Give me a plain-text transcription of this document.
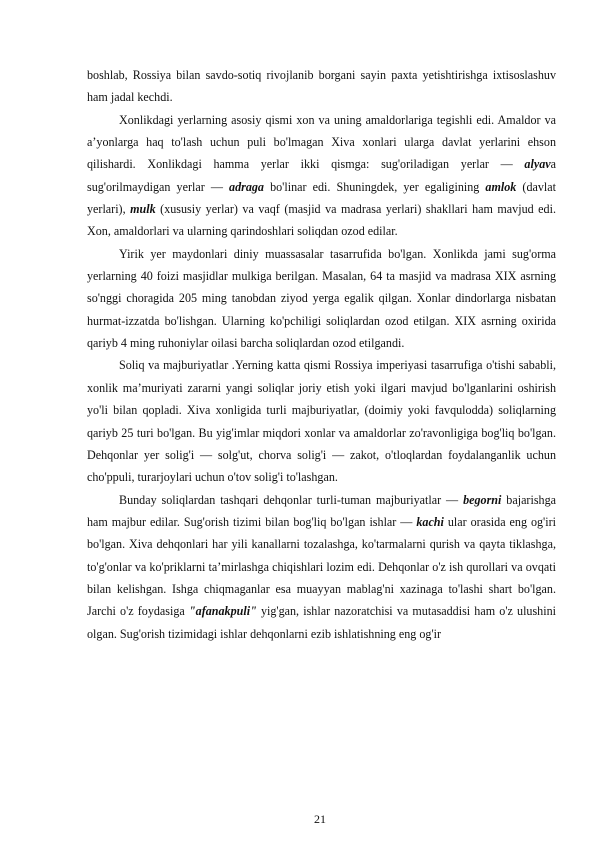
boshlab, Rossiya bilan savdo-sotiq rivojlanib borgani sayin paxta yetishtirishga ixtisoslashuv ham jadal kechdi.

Xonlikdagi yerlarning asosiy qismi xon va uning amaldorlariga tegishli edi. Amaldor va a’yonlarga haq to'lash uchun puli bo'lmagan Xiva xonlari ularga davlat yerlarini ehson qilishardi. Xonlikdagi hamma yerlar ikki qismga: sug'oriladigan yerlar — alyava sug'orilmaydigan yerlar — adraga bo'linar edi. Shuningdek, yer egaligining amlok (davlat yerlari), mulk (xususiy yerlar) va vaqf (masjid va madrasa yerlari) shakllari ham mavjud edi. Xon, amaldorlari va ularning qarindoshlari soliqdan ozod edilar.

Yirik yer maydonlari diniy muassasalar tasarrufida bo'lgan. Xonlikda jami sug'orma yerlarning 40 foizi masjidlar mulkiga berilgan. Masalan, 64 ta masjid va madrasa XIX asrning so'nggi choragida 205 ming tanobdan ziyod yerga egalik qilgan. Xonlar dindorlarga nisbatan hurmat-izzatda bo'lishgan. Ularning ko'pchiligi soliqlardan ozod etilgan. XIX asrning oxirida qariyb 4 ming ruhoniylar oilasi barcha soliqlardan ozod etilgandi.

Soliq va majburiyatlar .Yerning katta qismi Rossiya imperiyasi tasarrufiga o'tishi sababli, xonlik ma’muriyati zararni yangi soliqlar joriy etish yoki ilgari mavjud bo'lganlarini oshirish yo'li bilan qopladi. Xiva xonligida turli majburiyatlar, (doimiy yoki favqulodda) soliqlarning qariyb 25 turi bo'lgan. Bu yig'imlar miqdori xonlar va amaldorlar zo'ravonligiga bog'liq bo'lgan. Dehqonlar yer solig'i — solg'ut, chorva solig'i — zakot, o'tloqlardan foydalanganlik uchun cho'ppuli, turarjoylari uchun o'tov solig'i to'lashgan.

Bunday soliqlardan tashqari dehqonlar turli-tuman majburiyatlar — begorni bajarishga ham majbur edilar. Sug'orish tizimi bilan bog'liq bo'lgan ishlar — kachi ular orasida eng og'iri bo'lgan. Xiva dehqonlari har yili kanallarni tozalashga, ko'tarmalarni qurish va qayta tiklashga, to'g'onlar va ko'priklarni ta’mirlashga chiqishlari lozim edi. Dehqonlar o'z ish qurollari va ovqati bilan kelishgan. Ishga chiqmaganlar esa muayyan mablag'ni xazinaga to'lashi shart bo'lgan. Jarchi o'z foydasiga "afanakpuli" yig'gan, ishlar nazoratchisi va mutasaddisi ham o'z ulushini olgan. Sug'orish tizimidagi ishlar dehqonlarni ezib ishlatishning eng og'ir

21
